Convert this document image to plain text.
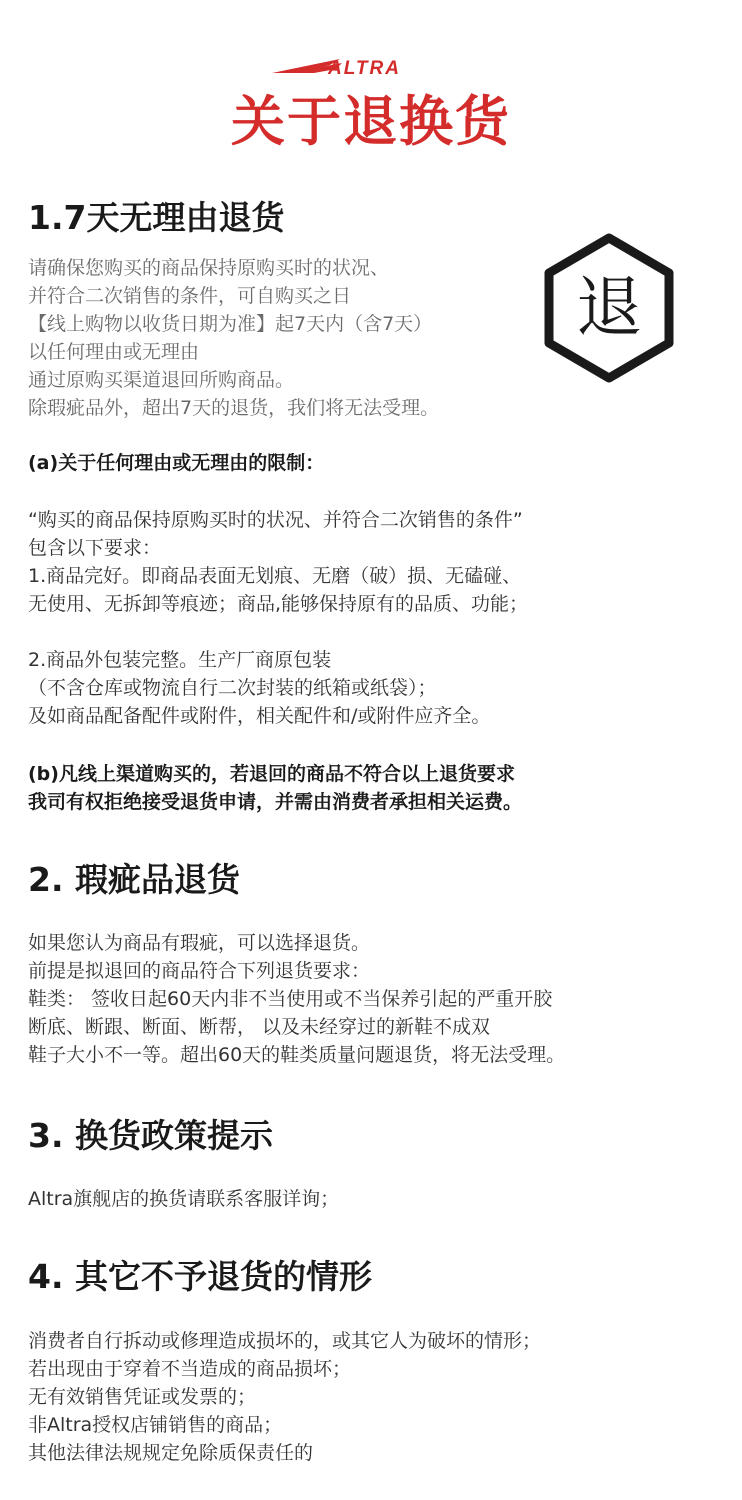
ALTRA
关于退换货
1.7天无理由退货
退
请确保您购买的商品保持原购买时的状况、
并符合二次销售的条件，可自购买之日
【线上购物以收货日期为准】起7天内（含7天）
以任何理由或无理由
通过原购买渠道退回所购商品。
除瑕疵品外，超出7天的退货，我们将无法受理。
(a)关于任何理由或无理由的限制：
“购买的商品保持原购买时的状况、并符合二次销售的条件”
包含以下要求：
1.商品完好。即商品表面无划痕、无磨（破）损、无磕碰、
无使用、无拆卸等痕迹；商品,能够保持原有的品质、功能；
2.商品外包装完整。生产厂商原包装
（不含仓库或物流自行二次封装的纸箱或纸袋）；
及如商品配备配件或附件，相关配件和/或附件应齐全。
(b)凡线上渠道购买的，若退回的商品不符合以上退货要求
我司有权拒绝接受退货申请，并需由消费者承担相关运费。
2. 瑕疵品退货
如果您认为商品有瑕疵，可以选择退货。
前提是拟退回的商品符合下列退货要求：
鞋类： 签收日起60天内非不当使用或不当保养引起的严重开胶
断底、断跟、断面、断帮， 以及未经穿过的新鞋不成双
鞋子大小不一等。超出60天的鞋类质量问题退货，将无法受理。
3. 换货政策提示
Altra旗舰店的换货请联系客服详询；
4. 其它不予退货的情形
消费者自行拆动或修理造成损坏的，或其它人为破坏的情形；
若出现由于穿着不当造成的商品损坏；
无有效销售凭证或发票的；
非Altra授权店铺销售的商品；
其他法律法规规定免除质保责任的
